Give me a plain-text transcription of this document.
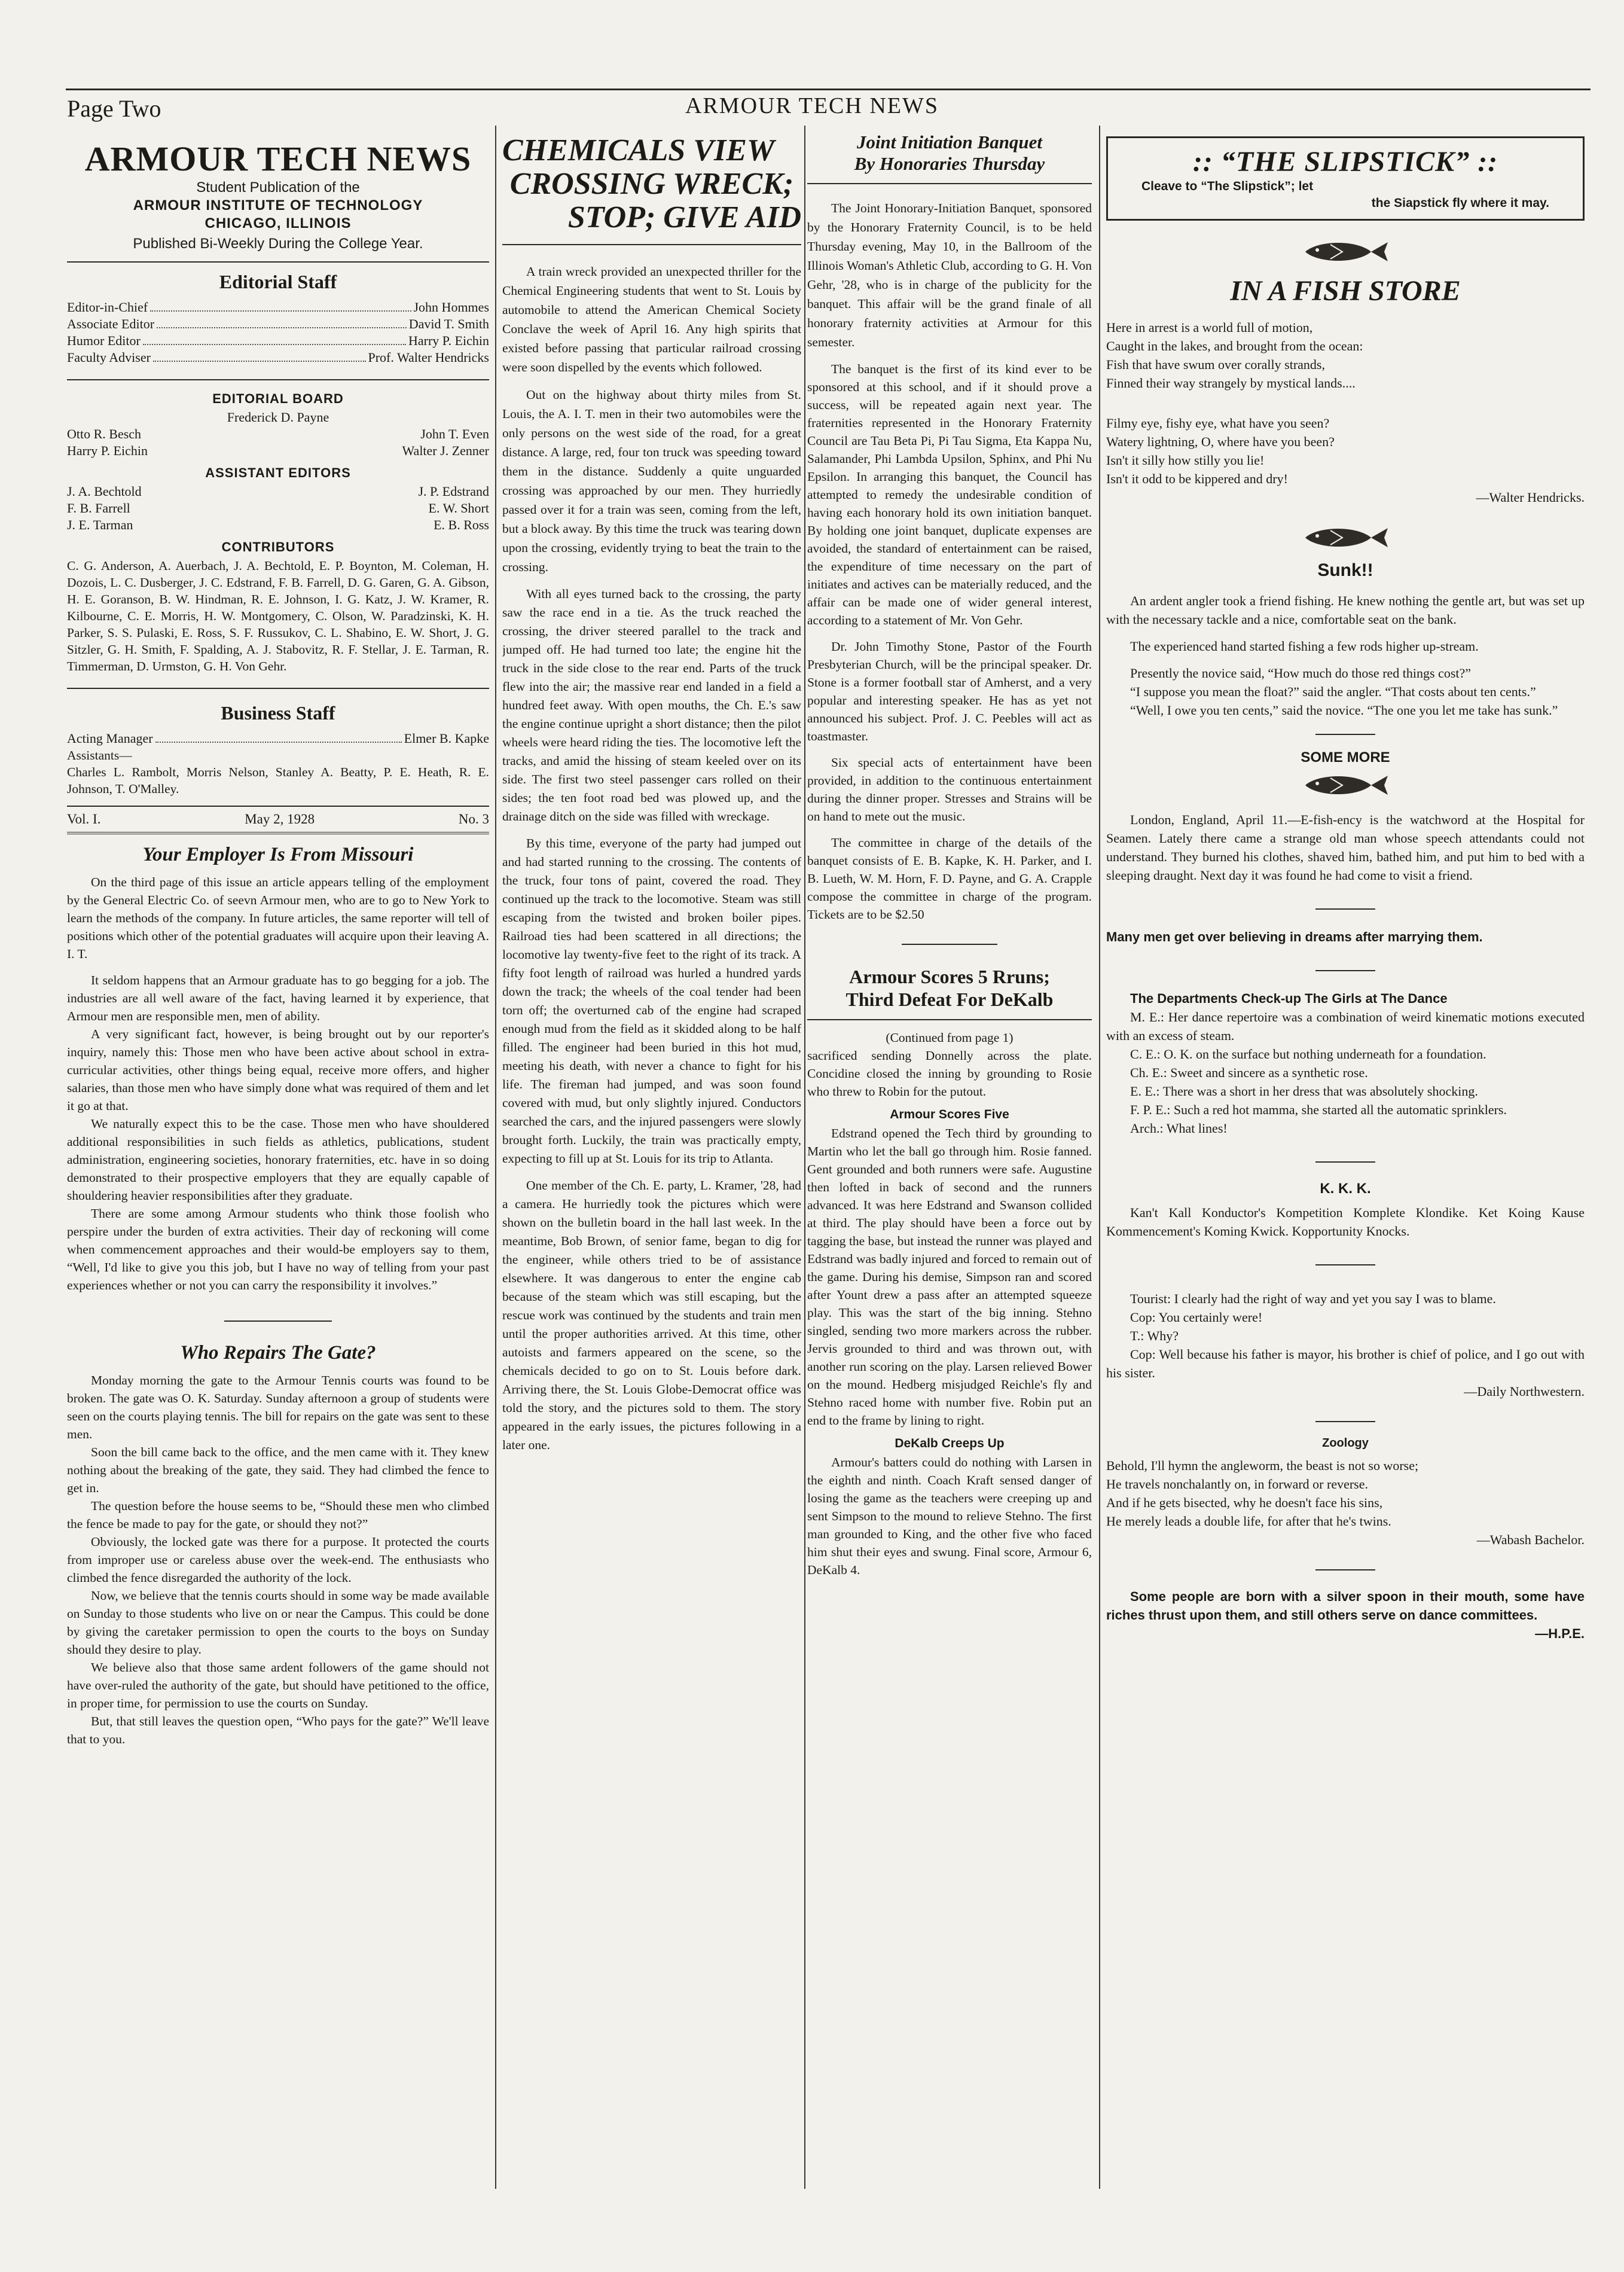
Page Two	ARMOUR TECH NEWS
ARMOUR TECH NEWS
Student Publication of the
ARMOUR INSTITUTE OF TECHNOLOGY
CHICAGO, ILLINOIS
Published Bi-Weekly During the College Year.
Editorial Staff
Editor-in-Chief	John Hommes
Associate Editor	David T. Smith
Humor Editor	Harry P. Eichin
Faculty Adviser	Prof. Walter Hendricks
EDITORIAL BOARD
Frederick D. Payne
Otto R. Besch	John T. Even
Harry P. Eichin	Walter J. Zenner
ASSISTANT EDITORS
J. A. Bechtold	J. P. Edstrand
F. B. Farrell	E. W. Short
J. E. Tarman	E. B. Ross
CONTRIBUTORS
C. G. Anderson, A. Auerbach, J. A. Bechtold, E. P. Boynton, M. Coleman, H. Dozois, L. C. Dusberger, J. C. Edstrand, F. B. Farrell, D. G. Garen, G. A. Gibson, H. E. Goranson, B. W. Hindman, R. E. Johnson, I. G. Katz, J. W. Kramer, R. Kilbourne, C. E. Morris, H. W. Montgomery, C. Olson, W. Paradzinski, K. H. Parker, S. S. Pulaski, E. Ross, S. F. Russukov, C. L. Shabino, E. W. Short, J. G. Sitzler, G. H. Smith, F. Spalding, A. J. Stabovitz, R. F. Stellar, J. E. Tarman, R. Timmerman, D. Urmston, G. H. Von Gehr.
Business Staff
Acting Manager	Elmer B. Kapke
Assistants—
Charles L. Rambolt, Morris Nelson, Stanley A. Beatty, P. E. Heath, R. E. Johnson, T. O'Malley.
Vol. I.	May 2, 1928	No. 3
Your Employer Is From Missouri

On the third page of this issue an article appears telling of the employment by the General Electric Co. of seevn Armour men, who are to go to New York to learn the methods of the company. In future articles, the same reporter will tell of positions which other of the potential graduates will acquire upon their leaving A. I. T.

It seldom happens that an Armour graduate has to go begging for a job. The industries are all well aware of the fact, having learned it by experience, that Armour men are responsible men, men of ability.

A very significant fact, however, is being brought out by our reporter's inquiry, namely this: Those men who have been active about school in extra-curricular activities, other things being equal, receive more offers, and higher salaries, than those men who have simply done what was required of them and let it go at that.

We naturally expect this to be the case. Those men who have shouldered additional responsibilities in such fields as athletics, publications, student administration, engineering societies, honorary fraternities, etc. have in so doing demonstrated to their prospective employers that they are equally capable of shouldering heavier responsibilities after they graduate.

There are some among Armour students who think those foolish who perspire under the burden of extra activities. Their day of reckoning will come when commencement approaches and their would-be employers say to them, “Well, I'd like to give you this job, but I have no way of telling from your past experiences whether or not you can carry the responsibility it involves.”

Who Repairs The Gate?

Monday morning the gate to the Armour Tennis courts was found to be broken. The gate was O. K. Saturday. Sunday afternoon a group of students were seen on the courts playing tennis. The bill for repairs on the gate was sent to these men.

Soon the bill came back to the office, and the men came with it. They knew nothing about the breaking of the gate, they said. They had climbed the fence to get in.

The question before the house seems to be, “Should these men who climbed the fence be made to pay for the gate, or should they not?”

Obviously, the locked gate was there for a purpose. It protected the courts from improper use or careless abuse over the week-end. The enthusiasts who climbed the fence disregarded the authority of the lock.

Now, we believe that the tennis courts should in some way be made available on Sunday to those students who live on or near the Campus. This could be done by giving the caretaker permission to open the courts to the boys on Sunday should they desire to play.

We believe also that those same ardent followers of the game should not have over-ruled the authority of the gate, but should have petitioned to the office, in proper time, for permission to use the courts on Sunday.

But, that still leaves the question open, “Who pays for the gate?” We'll leave that to you.

CHEMICALS VIEW
CROSSING WRECK;
STOP; GIVE AID

A train wreck provided an unexpected thriller for the Chemical Engineering students that went to St. Louis by automobile to attend the American Chemical Society Conclave the week of April 16. Any high spirits that existed before passing that particular railroad crossing were soon dispelled by the events which followed.

Out on the highway about thirty miles from St. Louis, the A. I. T. men in their two automobiles were the only persons on the west side of the road, for a great distance. A large, red, four ton truck was speeding toward them in the distance. Suddenly a quite unguarded crossing was approached by our men. They hurriedly passed over it for a train was seen, coming from the left, but a block away. By this time the truck was tearing down upon the crossing, evidently trying to beat the train to the crossing.

With all eyes turned back to the crossing, the party saw the race end in a tie. As the truck reached the crossing, the driver steered parallel to the track and jumped off. He had turned too late; the engine hit the truck in the side close to the rear end. Parts of the truck flew into the air; the massive rear end landed in a field a hundred feet away. With open mouths, the Ch. E.'s saw the engine continue upright a short distance; then the pilot wheels were heard riding the ties. The locomotive left the tracks, and amid the hissing of steam keeled over on its side. The first two steel passenger cars rolled on their sides; the ten foot road bed was plowed up, and the drainage ditch on the side was filled with wreckage.

By this time, everyone of the party had jumped out and had started running to the crossing. The contents of the truck, four tons of paint, covered the road. They continued up the track to the locomotive. Steam was still escaping from the twisted and broken boiler pipes. Railroad ties had been scattered in all directions; the locomotive lay twenty-five feet to the right of its track. A fifty foot length of railroad was hurled a hundred yards down the track; the wheels of the coal tender had been torn off; the overturned cab of the engine had scraped enough mud from the field as it skidded along to be half filled. The engineer had been buried in this hot mud, meeting his death, with never a chance to fight for his life. The fireman had jumped, and was soon found covered with mud, but only slightly injured. Conductors searched the cars, and the injured passengers were slowly brought forth. Luckily, the train was practically empty, expecting to fill up at St. Louis for its trip to Atlanta.

One member of the Ch. E. party, L. Kramer, '28, had a camera. He hurriedly took the pictures which were shown on the bulletin board in the hall last week. In the meantime, Bob Brown, of senior fame, began to dig for the engineer, while others tried to be of assistance elsewhere. It was dangerous to enter the engine cab because of the steam which was still escaping, but the rescue work was continued by the students and train men until the proper authorities arrived. At this time, other autoists and farmers appeared on the scene, so the chemicals decided to go on to St. Louis before dark. Arriving there, the St. Louis Globe-Democrat office was told the story, and the pictures sold to them. The story appeared in the early issues, the pictures following in a later one.

Joint Initiation Banquet
By Honoraries Thursday

The Joint Honorary-Initiation Banquet, sponsored by the Honorary Fraternity Council, is to be held Thursday evening, May 10, in the Ballroom of the Illinois Woman's Athletic Club, according to G. H. Von Gehr, '28, who is in charge of the publicity for the banquet. This affair will be the grand finale of all honorary fraternity activities at Armour for this semester.

The banquet is the first of its kind ever to be sponsored at this school, and if it should prove a success, will be repeated again next year. The fraternities represented in the Honorary Fraternity Council are Tau Beta Pi, Pi Tau Sigma, Eta Kappa Nu, Salamander, Phi Lambda Upsilon, Sphinx, and Phi Nu Epsilon. In arranging this banquet, the Council has attempted to remedy the undesirable condition of having each honorary hold its own initiation banquet. By holding one joint banquet, duplicate expenses are avoided, the standard of entertainment can be raised, the expenditure of time necessary on the part of initiates and actives can be materially reduced, and the affair can be made one of wider general interest, according to a statement of Mr. Von Gehr.

Dr. John Timothy Stone, Pastor of the Fourth Presbyterian Church, will be the principal speaker. Dr. Stone is a former football star of Amherst, and a very popular and interesting speaker. He has as yet not announced his subject. Prof. J. C. Peebles will act as toastmaster.

Six special acts of entertainment have been provided, in addition to the continuous entertainment during the dinner proper. Stresses and Strains will be on hand to mete out the music.

The committee in charge of the details of the banquet consists of E. B. Kapke, K. H. Parker, and I. B. Lueth, W. M. Horn, F. D. Payne, and G. A. Crapple compose the committee in charge of the program. Tickets are to be $2.50

Armour Scores 5 Rruns;
Third Defeat For DeKalb

(Continued from page 1)

sacrificed sending Donnelly across the plate. Concidine closed the inning by grounding to Rosie who threw to Robin for the putout.

Armour Scores Five

Edstrand opened the Tech third by grounding to Martin who let the ball go through him. Rosie fanned. Gent grounded and both runners were safe. Augustine then lofted in back of second and the runners advanced. It was here Edstrand and Swanson collided at third. The play should have been a force out by tagging the base, but instead the runner was played and Edstrand was badly injured and forced to remain out of the game. During his demise, Simpson ran and scored after Yount drew a pass after an attempted squeeze play. This was the start of the big inning. Stehno singled, sending two more markers across the rubber. Jervis grounded to third and was thrown out, with another run scoring on the play. Larsen relieved Bower on the mound. Hedberg misjudged Reichle's fly and Stehno raced home with number five. Robin put an end to the frame by lining to right.

DeKalb Creeps Up

Armour's batters could do nothing with Larsen in the eighth and ninth. Coach Kraft sensed danger of losing the game as the teachers were creeping up and sent Simpson to the mound to relieve Stehno. The first man grounded to King, and the other five who faced him shut their eyes and swung. Final score, Armour 6, DeKalb 4.

:: “THE SLIPSTICK” ::
Cleave to “The Slipstick”; let
the Siapstick fly where it may.
IN A FISH STORE

Here in arrest is a world full of motion,

Caught in the lakes, and brought from the ocean:

Fish that have swum over corally strands,

Finned their way strangely by mystical lands....

Filmy eye, fishy eye, what have you seen?

Watery lightning, O, where have you been?

Isn't it silly how stilly you lie!

Isn't it odd to be kippered and dry!

—Walter Hendricks.

Sunk!!

An ardent angler took a friend fishing. He knew nothing the gentle art, but was set up with the necessary tackle and a nice, comfortable seat on the bank.

The experienced hand started fishing a few rods higher up-stream.

Presently the novice said, “How much do those red things cost?”

“I suppose you mean the float?” said the angler. “That costs about ten cents.”

“Well, I owe you ten cents,” said the novice. “The one you let me take has sunk.”

SOME MORE

London, England, April 11.—E-fish-ency is the watchword at the Hospital for Seamen. Lately there came a strange old man whose speech attendants could not understand. They burned his clothes, shaved him, bathed him, and put him to bed with a sleeping draught. Next day it was found he had come to visit a friend.

Many men get over believing in dreams after marrying them.

The Departments Check-up The Girls at The Dance

M. E.: Her dance repertoire was a combination of weird kinematic motions executed with an excess of steam.

C. E.: O. K. on the surface but nothing underneath for a foundation.

Ch. E.: Sweet and sincere as a synthetic rose.

E. E.: There was a short in her dress that was absolutely shocking.

F. P. E.: Such a red hot mamma, she started all the automatic sprinklers.

Arch.: What lines!

K. K. K.

Kan't Kall Konductor's Kompetition Komplete Klondike. Ket Koing Kause Kommencement's Koming Kwick. Kopportunity Knocks.

Tourist: I clearly had the right of way and yet you say I was to blame.

Cop: You certainly were!

T.: Why?

Cop: Well because his father is mayor, his brother is chief of police, and I go out with his sister.

—Daily Northwestern.

Zoology

Behold, I'll hymn the angleworm, the beast is not so worse;

He travels nonchalantly on, in forward or reverse.

And if he gets bisected, why he doesn't face his sins,

He merely leads a double life, for after that he's twins.

—Wabash Bachelor.

Some people are born with a silver spoon in their mouth, some have riches thrust upon them, and still others serve on dance committees.

—H.P.E.
